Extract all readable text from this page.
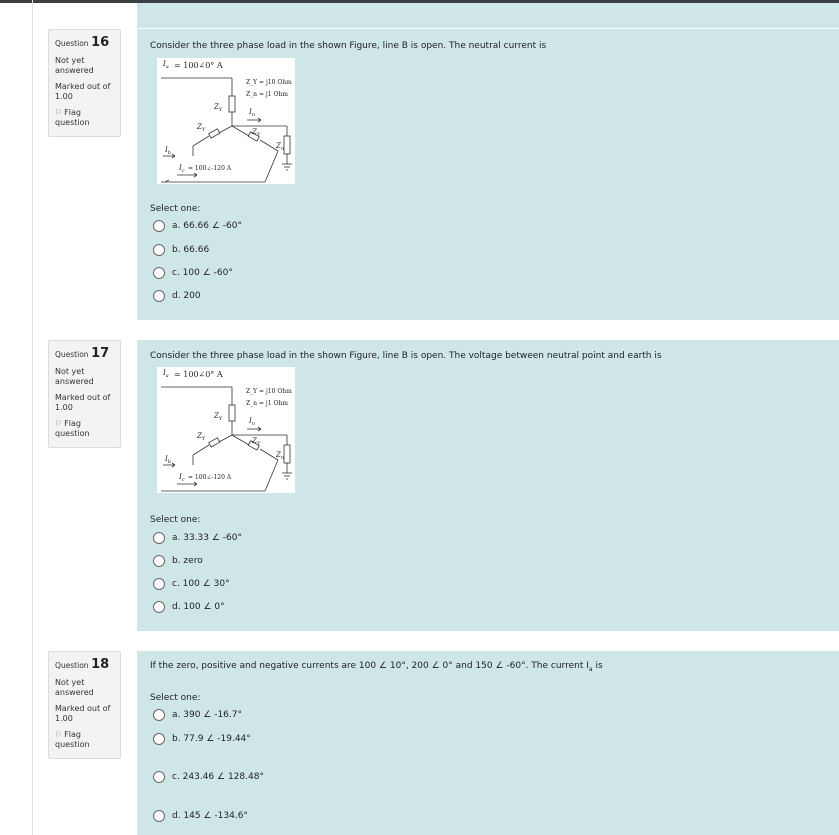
Question 16
Not yet answered
Marked out of 1.00
⚐ Flag question
Consider the three phase load in the shown Figure, line B is open. The neutral current is
$I_a$ = 100∠0° A
$Z_Y$
$Z_Y$	$Z_Y$
$Z_n$
$I_n$
$I_b$
$I_c$ = 100∠-120 A
Z_Y = j10 Ohm
Z_n = j1 Ohm
Select one:
a. 66.66 ∠ -60°
b. 66.66
c. 100 ∠ -60°
d. 200
Question 17
Not yet answered
Marked out of 1.00
⚐ Flag question
Consider the three phase load in the shown Figure, line B is open. The voltage between neutral point and earth is
$I_a$ = 100∠0° A
$Z_Y$
$Z_Y$	$Z_Y$
$Z_n$
$I_n$
$I_b$
$I_c$ = 100∠-120 A
Z_Y = j10 Ohm
Z_n = j1 Ohm
Select one:
a. 33.33 ∠ -60°
b. zero
c. 100 ∠ 30°
d. 100 ∠ 0°
Question 18
Not yet answered
Marked out of 1.00
⚐ Flag question
If the zero, positive and negative currents are 100 ∠ 10°, 200 ∠ 0° and 150 ∠ -60°. The current $I_a$ is
Select one:
a. 390 ∠ -16.7°
b. 77.9 ∠ -19.44°
c. 243.46 ∠ 128.48°
d. 145 ∠ -134.6°
